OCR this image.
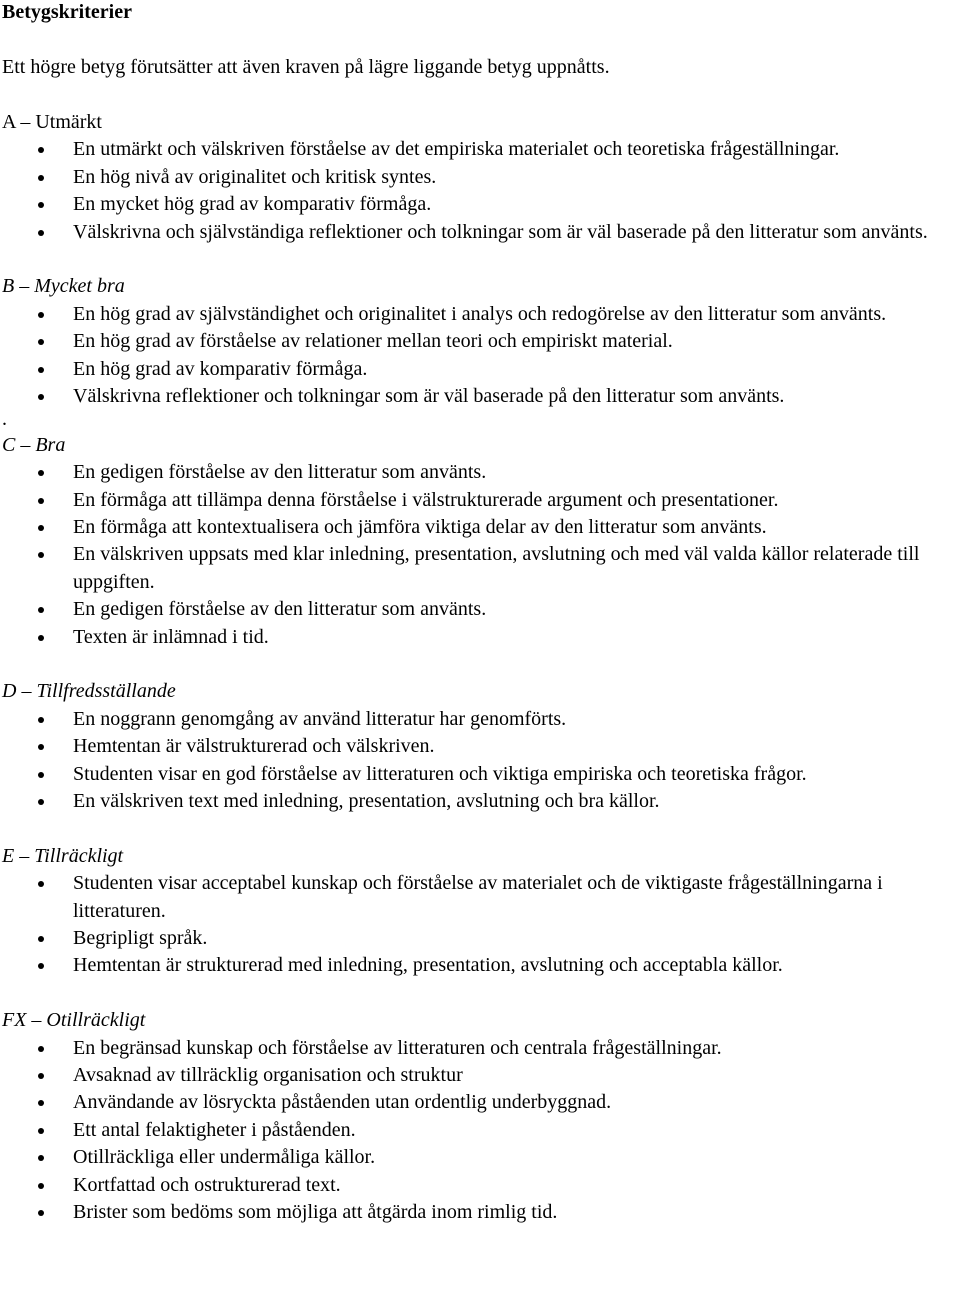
Betygskriterier

Ett högre betyg förutsätter att även kraven på lägre liggande betyg uppnåtts.

A – Utmärkt

En utmärkt och välskriven förståelse av det empiriska materialet och teoretiska frågeställningar.
En hög nivå av originalitet och kritisk syntes.
En mycket hög grad av komparativ förmåga.
Välskrivna och självständiga reflektioner och tolkningar som är väl baserade på den litteratur som använts.

B – Mycket bra

En hög grad av självständighet och originalitet i analys och redogörelse av den litteratur som använts.
En hög grad av förståelse av relationer mellan teori och empiriskt material.
En hög grad av komparativ förmåga.
Välskrivna reflektioner och tolkningar som är väl baserade på den litteratur som använts.

.

C – Bra

En gedigen förståelse av den litteratur som använts.
En förmåga att tillämpa denna förståelse i välstrukturerade argument och presentationer.
En förmåga att kontextualisera och jämföra viktiga delar av den litteratur som använts.
En välskriven uppsats med klar inledning, presentation, avslutning och med väl valda källor relaterade till uppgiften.
En gedigen förståelse av den litteratur som använts.
Texten är inlämnad i tid.

D – Tillfredsställande

En noggrann genomgång av använd litteratur har genomförts.
Hemtentan är välstrukturerad och välskriven.
Studenten visar en god förståelse av litteraturen och viktiga empiriska och teoretiska frågor.
En välskriven text med inledning, presentation, avslutning och bra källor.

E – Tillräckligt

Studenten visar acceptabel kunskap och förståelse av materialet och de viktigaste frågeställningarna i litteraturen.
Begripligt språk.
Hemtentan är strukturerad med inledning, presentation, avslutning och acceptabla källor.

FX – Otillräckligt

En begränsad kunskap och förståelse av litteraturen och centrala frågeställningar.
Avsaknad av tillräcklig organisation och struktur
Användande av lösryckta påståenden utan ordentlig underbyggnad.
Ett antal felaktigheter i påståenden.
Otillräckliga eller undermåliga källor.
Kortfattad och ostrukturerad text.
Brister som bedöms som möjliga att åtgärda inom rimlig tid.
